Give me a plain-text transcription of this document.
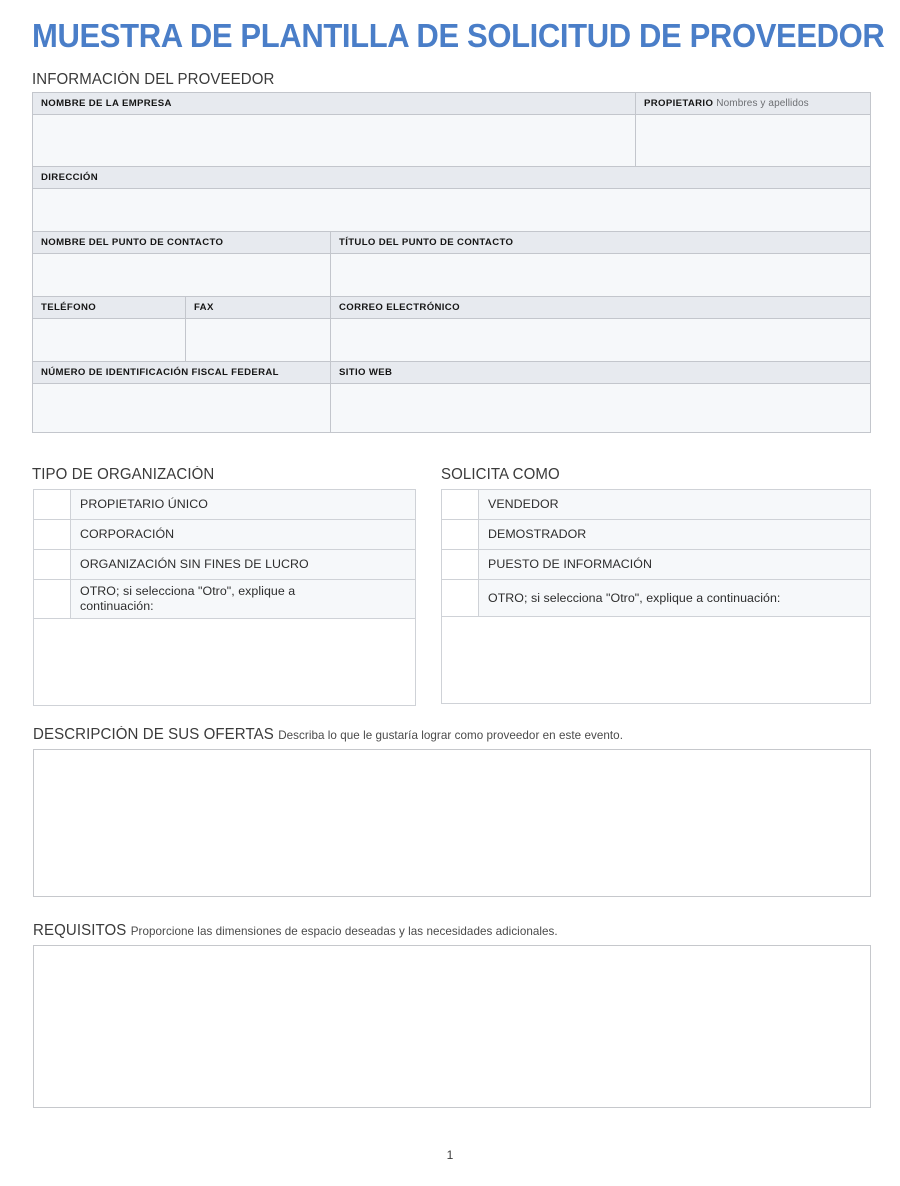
MUESTRA DE PLANTILLA DE SOLICITUD DE PROVEEDOR
INFORMACIÓN DEL PROVEEDOR
NOMBRE DE LA EMPRESA			PROPIETARIO Nombres y apellidos

DIRECCIÓN			

NOMBRE DEL PUNTO DE CONTACTO		TÍTULO DEL PUNTO DE CONTACTO	

TELÉFONO	FAX	CORREO ELECTRÓNICO	

NÚMERO DE IDENTIFICACIÓN FISCAL FEDERAL		SITIO WEB	

TIPO DE ORGANIZACIÓN
	PROPIETARIO ÚNICO
	CORPORACIÓN
	ORGANIZACIÓN SIN FINES DE LUCRO
	OTRO; si selecciona "Otro", explique a continuación:

SOLICITA COMO
	VENDEDOR
	DEMOSTRADOR
	PUESTO DE INFORMACIÓN
	OTRO; si selecciona "Otro", explique a continuación:

DESCRIPCIÓN DE SUS OFERTAS Describa lo que le gustaría lograr como proveedor en este evento.
REQUISITOS Proporcione las dimensiones de espacio deseadas y las necesidades adicionales.
1
